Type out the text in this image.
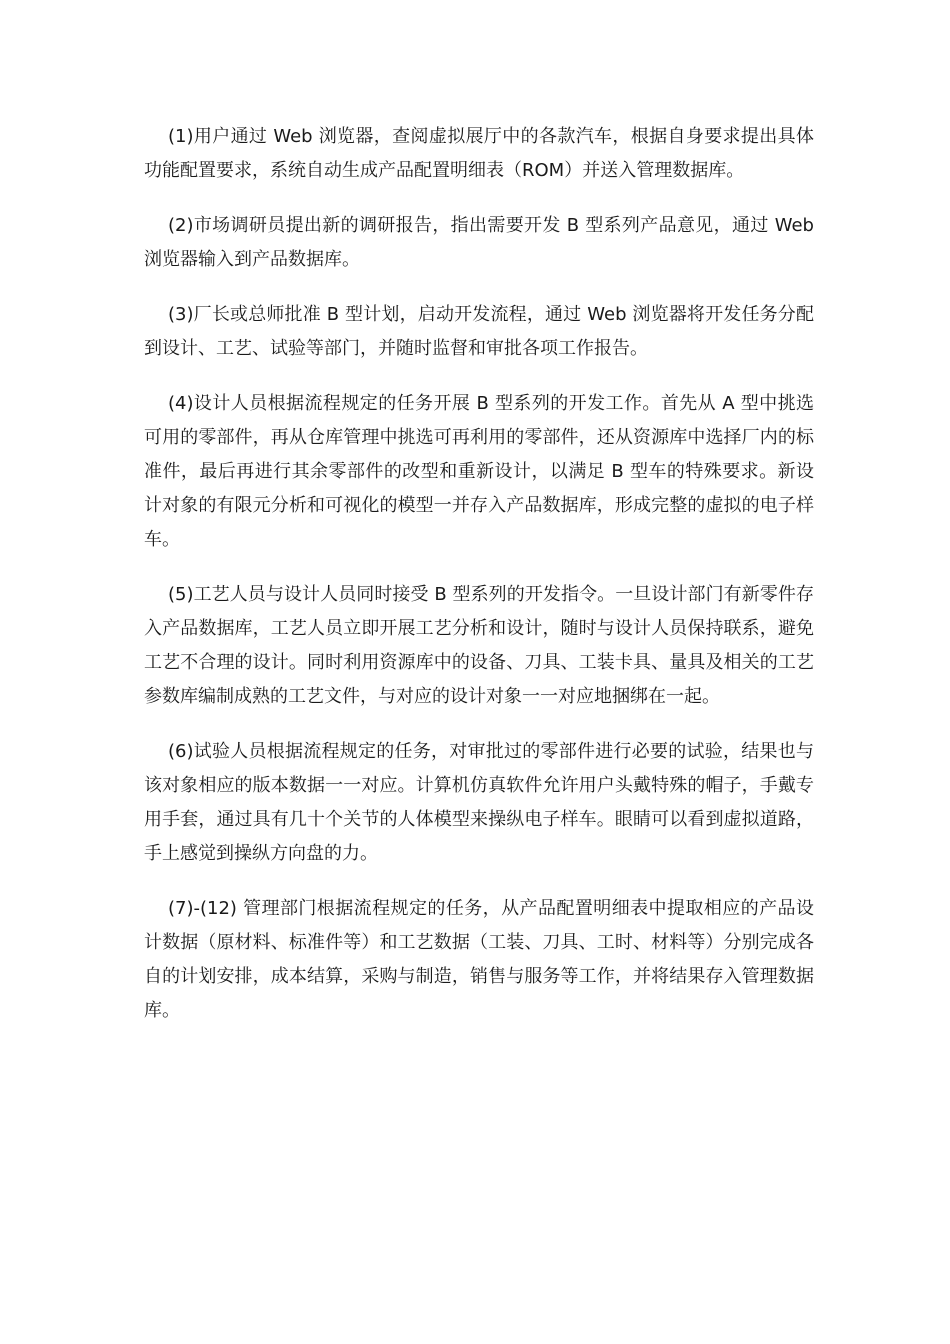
(1)用户通过 Web 浏览器，查阅虚拟展厅中的各款汽车，根据自身要求提出具体功能配置要求，系统自动生成产品配置明细表（ROM）并送入管理数据库。

(2)市场调研员提出新的调研报告，指出需要开发 B 型系列产品意见，通过 Web 浏览器输入到产品数据库。

(3)厂长或总师批准 B 型计划，启动开发流程，通过 Web 浏览器将开发任务分配到设计、工艺、试验等部门，并随时监督和审批各项工作报告。

(4)设计人员根据流程规定的任务开展 B 型系列的开发工作。首先从 A 型中挑选可用的零部件，再从仓库管理中挑选可再利用的零部件，还从资源库中选择厂内的标准件，最后再进行其余零部件的改型和重新设计，以满足 B 型车的特殊要求。新设计对象的有限元分析和可视化的模型一并存入产品数据库，形成完整的虚拟的电子样车。

(5)工艺人员与设计人员同时接受 B 型系列的开发指令。一旦设计部门有新零件存入产品数据库，工艺人员立即开展工艺分析和设计，随时与设计人员保持联系，避免工艺不合理的设计。同时利用资源库中的设备、刀具、工装卡具、量具及相关的工艺参数库编制成熟的工艺文件，与对应的设计对象一一对应地捆绑在一起。

(6)试验人员根据流程规定的任务，对审批过的零部件进行必要的试验，结果也与该对象相应的版本数据一一对应。计算机仿真软件允许用户头戴特殊的帽子，手戴专用手套，通过具有几十个关节的人体模型来操纵电子样车。眼睛可以看到虚拟道路，手上感觉到操纵方向盘的力。

(7)-(12) 管理部门根据流程规定的任务，从产品配置明细表中提取相应的产品设计数据（原材料、标准件等）和工艺数据（工装、刀具、工时、材料等）分别完成各自的计划安排，成本结算，采购与制造，销售与服务等工作，并将结果存入管理数据库。
